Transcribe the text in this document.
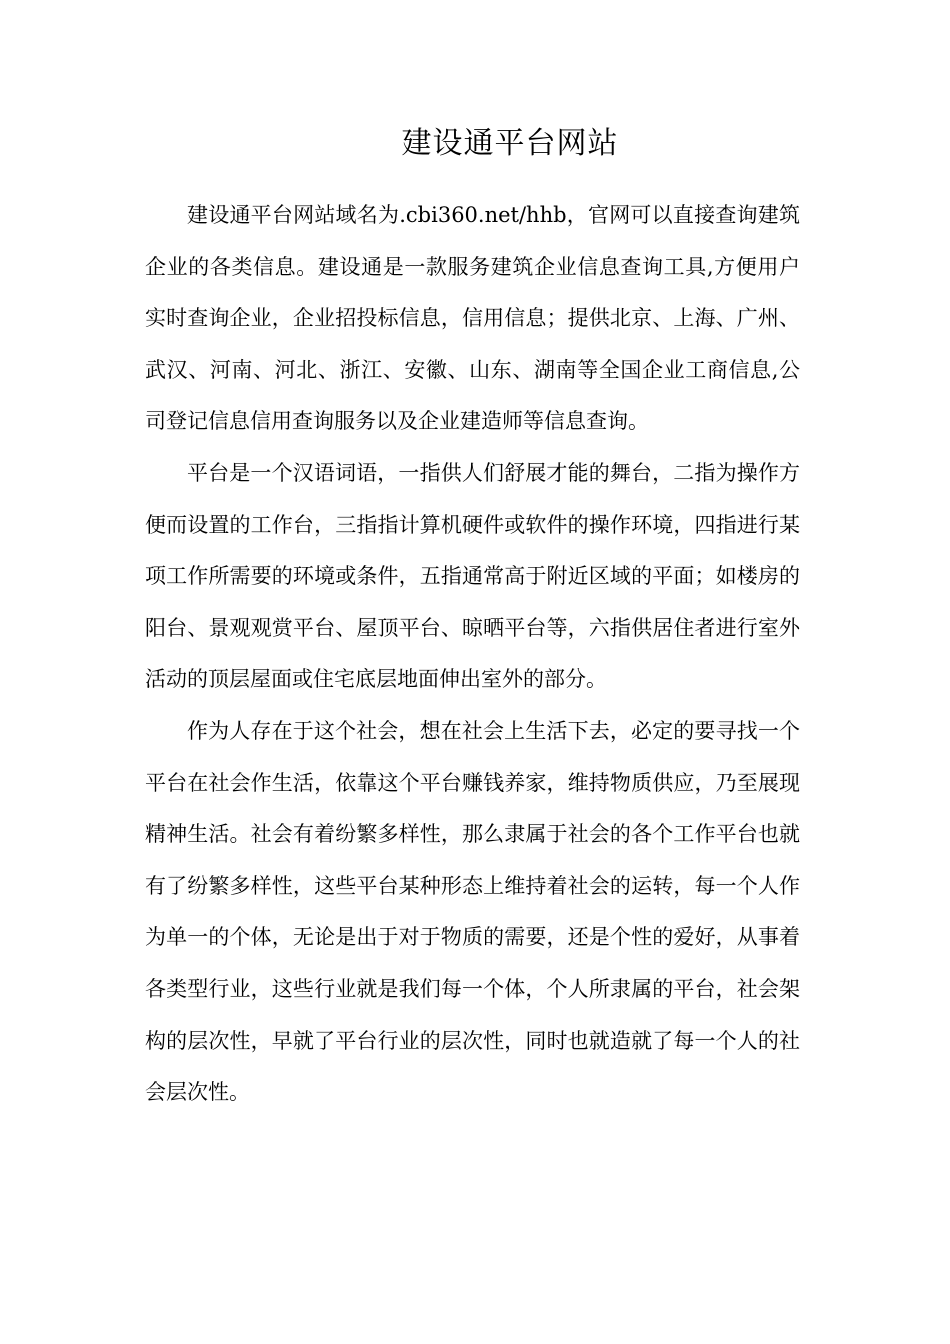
建设通平台网站

建设通平台网站域名为.cbi360.net/hhb，官网可以直接查询建筑企业的各类信息。建设通是一款服务建筑企业信息查询工具,方便用户实时查询企业，企业招投标信息，信用信息；提供北京、上海、广州、武汉、河南、河北、浙江、安徽、山东、湖南等全国企业工商信息,公司登记信息信用查询服务以及企业建造师等信息查询。

平台是一个汉语词语，一指供人们舒展才能的舞台，二指为操作方便而设置的工作台，三指指计算机硬件或软件的操作环境，四指进行某项工作所需要的环境或条件，五指通常高于附近区域的平面；如楼房的阳台、景观观赏平台、屋顶平台、晾晒平台等，六指供居住者进行室外活动的顶层屋面或住宅底层地面伸出室外的部分。

作为人存在于这个社会，想在社会上生活下去，必定的要寻找一个平台在社会作生活，依靠这个平台赚钱养家，维持物质供应，乃至展现精神生活。社会有着纷繁多样性，那么隶属于社会的各个工作平台也就有了纷繁多样性，这些平台某种形态上维持着社会的运转，每一个人作为单一的个体，无论是出于对于物质的需要，还是个性的爱好，从事着各类型行业，这些行业就是我们每一个体，个人所隶属的平台，社会架构的层次性，早就了平台行业的层次性，同时也就造就了每一个人的社会层次性。
